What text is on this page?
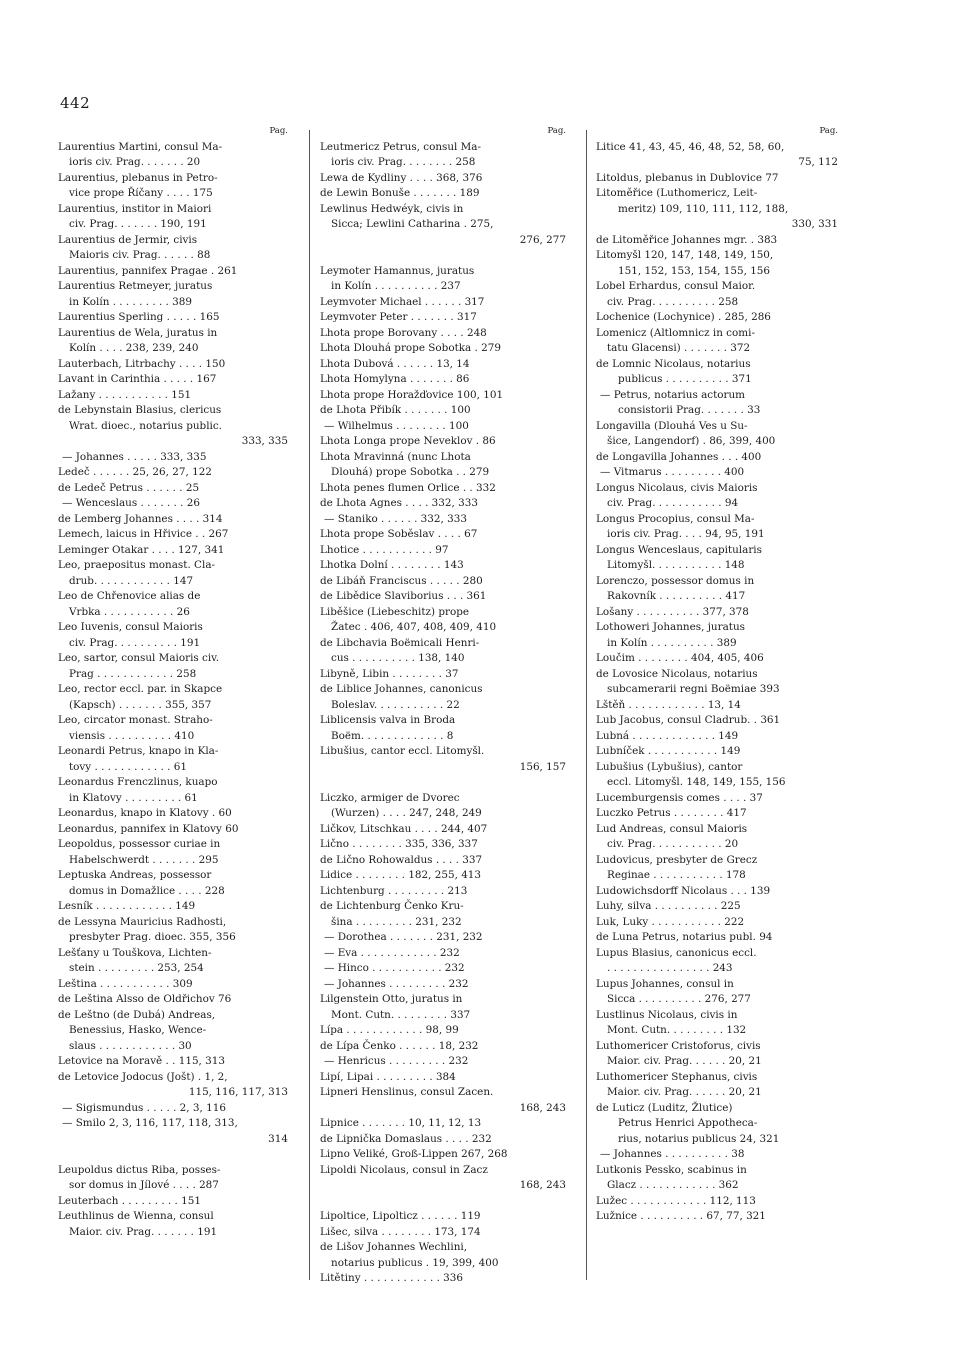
442
Pag.
Laurentius Martini, consul Ma-
ioris civ. Prag. . . . . . . 20
Laurentius, plebanus in Petro-
vice prope Říčany . . . . 175
Laurentius, institor in Maiori
civ. Prag. . . . . . . 190, 191
Laurentius de Jermir, civis
Maioris civ. Prag. . . . . . 88
Laurentius, pannifex Pragae . 261
Laurentius Retmeyer, juratus
in Kolín . . . . . . . . . 389
Laurentius Sperling . . . . . 165
Laurentius de Wela, juratus in
Kolín . . . . 238, 239, 240
Lauterbach, Litrbachy . . . . 150
Lavant in Carinthia . . . . . 167
Lažany . . . . . . . . . . . 151
de Lebynstain Blasius, clericus
Wrat. dioec., notarius public.
333, 335
— Johannes . . . . . 333, 335
Ledeč . . . . . . 25, 26, 27, 122
de Ledeč Petrus . . . . . . 25
— Wenceslaus . . . . . . . 26
de Lemberg Johannes . . . . 314
Lemech, laicus in Hřivice . . 267
Leminger Otakar . . . . 127, 341
Leo, praepositus monast. Cla-
drub. . . . . . . . . . . . 147
Leo de Chřenovice alias de
Vrbka . . . . . . . . . . . 26
Leo Iuvenis, consul Maioris
civ. Prag. . . . . . . . . . 191
Leo, sartor, consul Maioris civ.
Prag . . . . . . . . . . . . 258
Leo, rector eccl. par. in Skapce
(Kapsch) . . . . . . . 355, 357
Leo, circator monast. Straho-
viensis . . . . . . . . . . 410
Leonardi Petrus, knapo in Kla-
tovy . . . . . . . . . . . . 61
Leonardus Frenczlinus, kuapo
in Klatovy . . . . . . . . . 61
Leonardus, knapo in Klatovy . 60
Leonardus, pannifex in Klatovy 60
Leopoldus, possessor curiae in
Habelschwerdt . . . . . . . 295
Leptuska Andreas, possessor
domus in Domažlice . . . . 228
Lesník . . . . . . . . . . . . 149
de Lessyna Mauricius Radhosti,
presbyter Prag. dioec. 355, 356
Lešťany u Touškova, Lichten-
stein . . . . . . . . . 253, 254
Leština . . . . . . . . . . . 309
de Leština Alsso de Oldřichov 76
de Leštno (de Dubá) Andreas,
Benessius, Hasko, Wence-
slaus . . . . . . . . . . . . 30
Letovice na Moravě . . 115, 313
de Letovice Jodocus (Jošt) . 1, 2,
115, 116, 117, 313
— Sigismundus . . . . . 2, 3, 116
— Smilo 2, 3, 116, 117, 118, 313,
314

Leupoldus dictus Riba, posses-
sor domus in Jílové . . . . 287
Leuterbach . . . . . . . . . 151
Leuthlinus de Wienna, consul
Maior. civ. Prag. . . . . . . 191
Pag.
Leutmericz Petrus, consul Ma-
ioris civ. Prag. . . . . . . . 258
Lewa de Kydliny . . . . 368, 376
de Lewin Bonuše . . . . . . . 189
Lewlinus Hedwéyk, civis in
Sicca; Lewlini Catharina . 275,
276, 277

Leymoter Hamannus, juratus
in Kolín . . . . . . . . . . 237
Leymvoter Michael . . . . . . 317
Leymvoter Peter . . . . . . . 317
Lhota prope Borovany . . . . 248
Lhota Dlouhá prope Sobotka . 279
Lhota Dubová . . . . . . 13, 14
Lhota Homylyna . . . . . . . 86
Lhota prope Horažďovice 100, 101
de Lhota Přibík . . . . . . . 100
— Wilhelmus . . . . . . . . 100
Lhota Longa prope Neveklov . 86
Lhota Mravinná (nunc Lhota
Dlouhá) prope Sobotka . . 279
Lhota penes flumen Orlice . . 332
de Lhota Agnes . . . . 332, 333
— Staniko . . . . . . 332, 333
Lhota prope Soběslav . . . . 67
Lhotice . . . . . . . . . . . 97
Lhotka Dolní . . . . . . . . 143
de Libáň Franciscus . . . . . 280
de Libědice Slaviborius . . . 361
Liběšice (Liebeschitz) prope
Žatec . 406, 407, 408, 409, 410
de Libchavia Boëmicali Henri-
cus . . . . . . . . . . 138, 140
Libyně, Libin . . . . . . . . 37
de Liblice Johannes, canonicus
Boleslav. . . . . . . . . . . 22
Liblicensis valva in Broda
Boëm. . . . . . . . . . . . . 8
Libušius, cantor eccl. Litomyšl.
156, 157

Liczko, armiger de Dvorec
(Wurzen) . . . . 247, 248, 249
Ličkov, Litschkau . . . . 244, 407
Lično . . . . . . . . 335, 336, 337
de Lično Rohowaldus . . . . 337
Lidice . . . . . . . . 182, 255, 413
Lichtenburg . . . . . . . . . 213
de Lichtenburg Čenko Kru-
šina . . . . . . . . . 231, 232
— Dorothea . . . . . . . 231, 232
— Eva . . . . . . . . . . . . 232
— Hinco . . . . . . . . . . . 232
— Johannes . . . . . . . . . 232
Lilgenstein Otto, juratus in
Mont. Cutn. . . . . . . . . 337
Lípa . . . . . . . . . . . . 98, 99
de Lípa Čenko . . . . . . 18, 232
— Henricus . . . . . . . . . 232
Lipí, Lipai . . . . . . . . . 384
Lipneri Henslinus, consul Zacen.
168, 243
Lipnice . . . . . . . 10, 11, 12, 13
de Lipnička Domaslaus . . . . 232
Lipno Veliké, Groß-Lippen 267, 268
Lipoldi Nicolaus, consul in Zacz
168, 243

Lipoltice, Lipolticz . . . . . . 119
Lišec, silva . . . . . . . . 173, 174
de Lišov Johannes Wechlini,
notarius publicus . 19, 399, 400
Litětiny . . . . . . . . . . . . 336
Pag.
Litice 41, 43, 45, 46, 48, 52, 58, 60,
75, 112
Litoldus, plebanus in Dublovice 77
Litoměřice (Luthomericz, Leit-
meritz) 109, 110, 111, 112, 188,
330, 331
de Litoměřice Johannes mgr. . 383
Litomyšl 120, 147, 148, 149, 150,
151, 152, 153, 154, 155, 156
Lobel Erhardus, consul Maior.
civ. Prag. . . . . . . . . . 258
Lochenice (Lochynice) . 285, 286
Lomenicz (Altlomnicz in comi-
tatu Glacensi) . . . . . . . 372
de Lomnic Nicolaus, notarius
publicus . . . . . . . . . . 371
— Petrus, notarius actorum
consistorii Prag. . . . . . . 33
Longavilla (Dlouhá Ves u Su-
šice, Langendorf) . 86, 399, 400
de Longavilla Johannes . . . 400
— Vitmarus . . . . . . . . . 400
Longus Nicolaus, civis Maioris
civ. Prag. . . . . . . . . . . 94
Longus Procopius, consul Ma-
ioris civ. Prag. . . . 94, 95, 191
Longus Wenceslaus, capitularis
Litomyšl. . . . . . . . . . . 148
Lorenczo, possessor domus in
Rakovník . . . . . . . . . . 417
Lošany . . . . . . . . . . 377, 378
Lothoweri Johannes, juratus
in Kolín . . . . . . . . . . 389
Loučim . . . . . . . . 404, 405, 406
de Lovosice Nicolaus, notarius
subcamerarii regni Boëmiae 393
Lštěň . . . . . . . . . . . . 13, 14
Lub Jacobus, consul Cladrub. . 361
Lubná . . . . . . . . . . . . . 149
Lubníček . . . . . . . . . . . 149
Lubušius (Lybušius), cantor
eccl. Litomyšl. 148, 149, 155, 156
Lucemburgensis comes . . . . 37
Luczko Petrus . . . . . . . . 417
Lud Andreas, consul Maioris
civ. Prag. . . . . . . . . . . 20
Ludovicus, presbyter de Grecz
Reginae . . . . . . . . . . . 178
Ludowichsdorff Nicolaus . . . 139
Luhy, silva . . . . . . . . . . 225
Luk, Luky . . . . . . . . . . . 222
de Luna Petrus, notarius publ. 94
Lupus Blasius, canonicus eccl.
. . . . . . . . . . . . . . . . 243
Lupus Johannes, consul in
Sicca . . . . . . . . . . 276, 277
Lustlinus Nicolaus, civis in
Mont. Cutn. . . . . . . . . 132
Luthomericer Cristoforus, civis
Maior. civ. Prag. . . . . . 20, 21
Luthomericer Stephanus, civis
Maior. civ. Prag. . . . . . 20, 21
de Luticz (Luditz, Žlutice)
Petrus Henrici Appotheca-
rius, notarius publicus 24, 321
— Johannes . . . . . . . . . . 38
Lutkonis Pessko, scabinus in
Glacz . . . . . . . . . . . . 362
Lužec . . . . . . . . . . . . 112, 113
Lužnice . . . . . . . . . . 67, 77, 321
